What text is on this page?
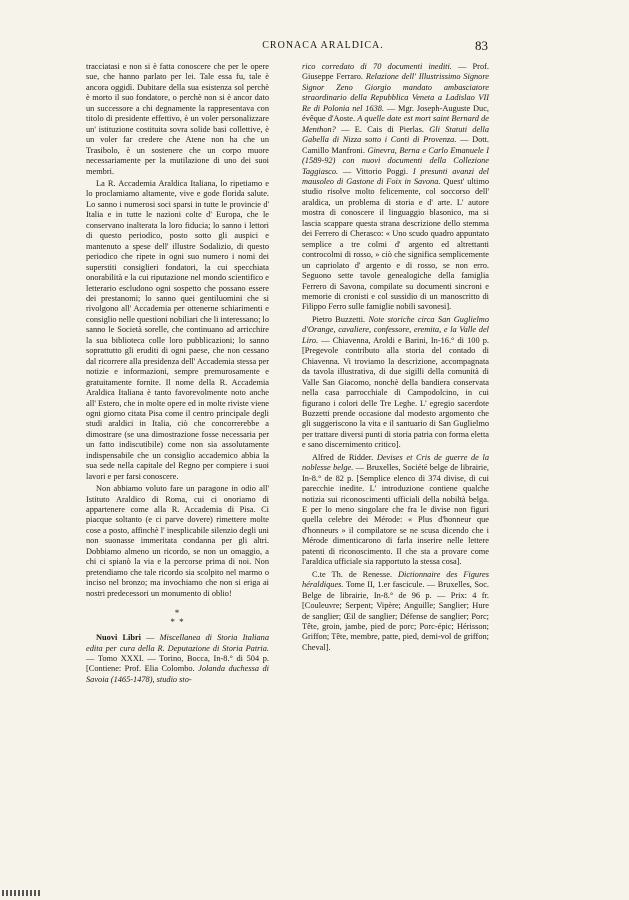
CRONACA ARALDICA.	83

tracciatasi e non si è fatta conoscere che per le opere sue, che hanno parlato per lei. Tale essa fu, tale è ancora oggidì. Dubitare della sua esistenza sol perchè è morto il suo fondatore, o perchè non si è ancor dato un successore a chi degnamente la rappresentava con titolo di presidente effettivo, è un voler personalizzare un' istituzione costituita sovra solide basi collettive, è un voler far credere che Atene non ha che un Trasibolo, è un sostenere che un corpo muore necessariamente per la mutilazione di uno dei suoi membri.

La R. Accademia Araldica Italiana, lo ripetiamo e lo proclamiamo altamente, vive e gode florida salute. Lo sanno i numerosi soci sparsi in tutte le provincie d' Italia e in tutte le nazioni colte d' Europa, che le conservano inalterata la loro fiducia; lo sanno i lettori di questo periodico, posto sotto gli auspici e mantenuto a spese dell' illustre Sodalizio, di questo periodico che ripete in ogni suo numero i nomi dei superstiti consiglieri fondatori, la cui specchiata onorabilità e la cui riputazione nel mondo scientifico e letterario escludono ogni sospetto che possano essere dei prestanomi; lo sanno quei gentiluomini che si rivolgono all' Accademia per ottenerne schiarimenti e consiglio nelle questioni nobiliari che li interessano; lo sanno le Società sorelle, che continuano ad arricchire la sua biblioteca colle loro pubblicazioni; lo sanno soprattutto gli eruditi di ogni paese, che non cessano dal ricorrere alla presidenza dell' Accademia stessa per notizie e informazioni, sempre premurosamente e gratuitamente fornite. Il nome della R. Accademia Araldica Italiana è tanto favorevolmente noto anche all' Estero, che in molte opere ed in molte riviste viene ogni giorno citata Pisa come il centro principale degli studi araldici in Italia, ciò che concorrerebbe a dimostrare (se una dimostrazione fosse necessaria per un fatto indiscutibile) come non sia assolutamente indispensabile che un consiglio accademico abbia la sua sede nella capitale del Regno per compiere i suoi lavori e per farsi conoscere.

Non abbiamo voluto fare un paragone in odio all' Istituto Araldico di Roma, cui ci onoriamo di appartenere come alla R. Accademia di Pisa. Ci piacque soltanto (e ci parve dovere) rimettere molte cose a posto, affinchè l' inesplicabile silenzio degli uni non suonasse immeritata condanna per gli altri. Dobbiamo almeno un ricordo, se non un omaggio, a chi ci spianò la via e la percorse prima di noi. Non pretendiamo che tale ricordo sia scolpito nel marmo o inciso nel bronzo; ma invochiamo che non si eriga ai nostri predecessori un monumento di oblio!

*
* *

Nuovi Libri — Miscellanea di Storia Italiana edita per cura della R. Deputazione di Storia Patria. — Tomo XXXI. — Torino, Bocca, In-8.° di 504 p. [Contiene: Prof. Elia Colombo. Jolanda duchessa di Savoia (1465-1478), studio sto-

rico corredato di 70 documenti inediti. — Prof. Giuseppe Ferraro. Relazione dell' Illustrissimo Signore Signor Zeno Giorgio mandato ambasciatore straordinario della Repubblica Veneta a Ladislao VII Re di Polonia nel 1638. — Mgr. Joseph-Auguste Duc, évêque d'Aoste. A quelle date est mort saint Bernard de Menthon? — E. Cais di Pierlas. Gli Statuti della Gabella di Nizza sotto i Conti di Provenza. — Dott. Camillo Manfroni. Ginevra, Berna e Carlo Emanuele I (1589-92) con nuovi documenti della Collezione Taggiasco. — Vittorio Poggi. I presunti avanzi del mausoleo di Gastone di Foix in Savona. Quest' ultimo studio risolve molto felicemente, col soccorso dell' araldica, un problema di storia e d' arte. L' autore mostra di conoscere il linguaggio blasonico, ma si lascia scappare questa strana descrizione dello stemma dei Ferrero di Cherasco: « Uno scudo quadro appuntato semplice a tre colmi d' argento ed altrettanti controcolmi di rosso, » ciò che significa semplicemente un capriolato d' argento e di rosso, se non erro. Seguono sette tavole genealogiche della famiglia Ferrero di Savona, compilate su documenti sincroni e memorie di cronisti e col sussidio di un manoscritto di Filippo Ferro sulle famiglie nobili savonesi].

Pietro Buzzetti. Note storiche circa San Guglielmo d'Orange, cavaliere, confessore, eremita, e la Valle del Liro. — Chiavenna, Aroldi e Barini, In-16.° di 100 p. [Pregevole contributo alla storia del contado di Chiavenna. Vi troviamo la descrizione, accompagnata da tavola illustrativa, di due sigilli della comunità di Valle San Giacomo, nonchè della bandiera conservata nella casa parrocchiale di Campodolcino, in cui figurano i colori delle Tre Leghe. L' egregio sacerdote Buzzetti prende occasione dal modesto argomento che gli suggeriscono la vita e il santuario di San Guglielmo per trattare diversi punti di storia patria con forma eletta e sano discernimento critico].

Alfred de Ridder. Devises et Cris de guerre de la noblesse belge. — Bruxelles, Société belge de librairie, In-8.° de 82 p. [Semplice elenco di 374 divise, di cui parecchie inedite. L' introduzione contiene qualche notizia sui riconoscimenti ufficiali della nobiltà belga. E per lo meno singolare che fra le divise non figuri quella celebre dei Mérode: « Plus d'honneur que d'honneurs » il compilatore se ne scusa dicendo che i Mérode dimenticarono di farla inserire nelle lettere patenti di riconoscimento. Il che sta a provare come l'araldica ufficiale sia rapportuto la stessa cosa].

C.te Th. de Renesse. Dictionnaire des Figures héraldiques. Tome II, 1.er fascicule. — Bruxelles, Soc. Belge de librairie, In-8.° de 96 p. — Prix: 4 fr. [Couleuvre; Serpent; Vipère; Anguille; Sanglier; Hure de sanglier; Œil de sanglier; Défense de sanglier; Porc; Tête, groin, jambe, pied de porc; Porc-épic; Hérisson; Griffon; Tête, membre, patte, pied, demi-vol de griffon; Cheval].
